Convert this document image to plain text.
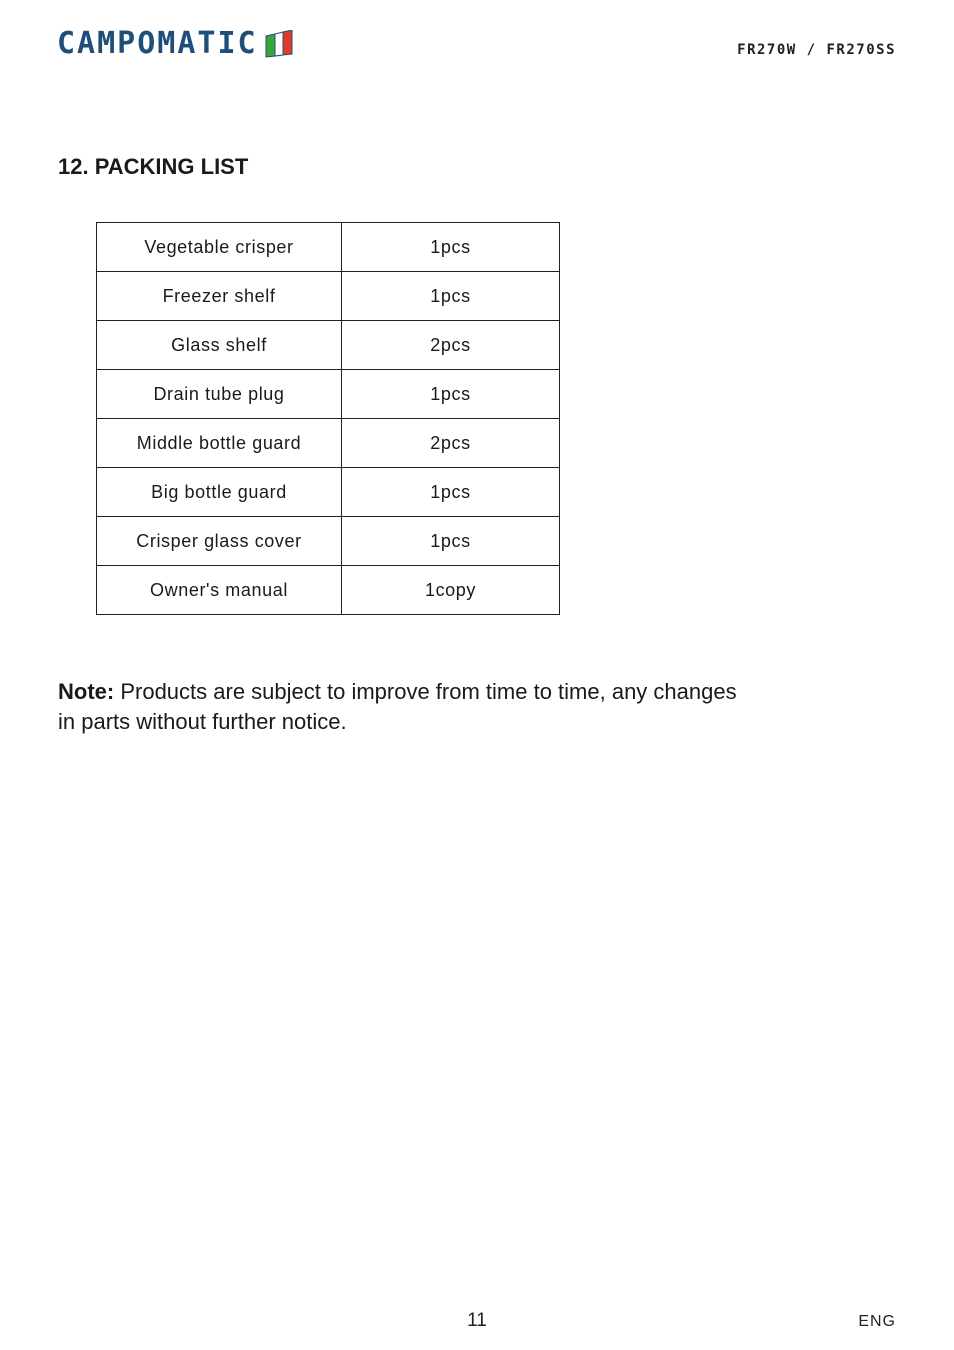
CAMPOMATIC	FR270W / FR270SS
12. PACKING LIST
Vegetable crisper	1pcs
Freezer shelf	1pcs
Glass shelf	2pcs
Drain tube plug	1pcs
Middle bottle guard	2pcs
Big bottle guard	1pcs
Crisper glass cover	1pcs
Owner's manual	1copy
Note: Products are subject to improve from time to time, any changes in parts without further notice.
11	ENG
